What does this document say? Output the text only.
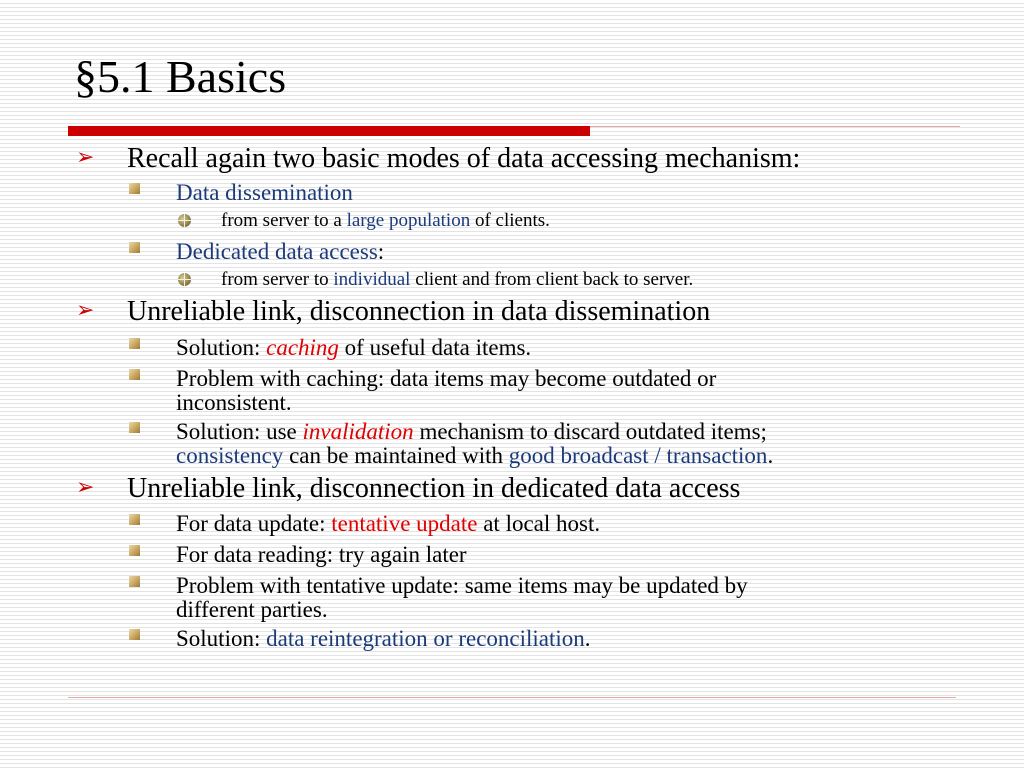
§5.1 Basics
➢ Recall again two basic modes of data accessing mechanism:
Data dissemination
from server to a large population of clients.
Dedicated data access:
from server to individual client and from client back to server.
➢ Unreliable link, disconnection in data dissemination
Solution: caching of useful data items.
Problem with caching: data items may become outdated or
inconsistent.
Solution: use invalidation mechanism to discard outdated items;
consistency can be maintained with good broadcast / transaction.
➢ Unreliable link, disconnection in dedicated data access
For data update: tentative update at local host.
For data reading: try again later
Problem with tentative update: same items may be updated by
different parties.
Solution: data reintegration or reconciliation.
